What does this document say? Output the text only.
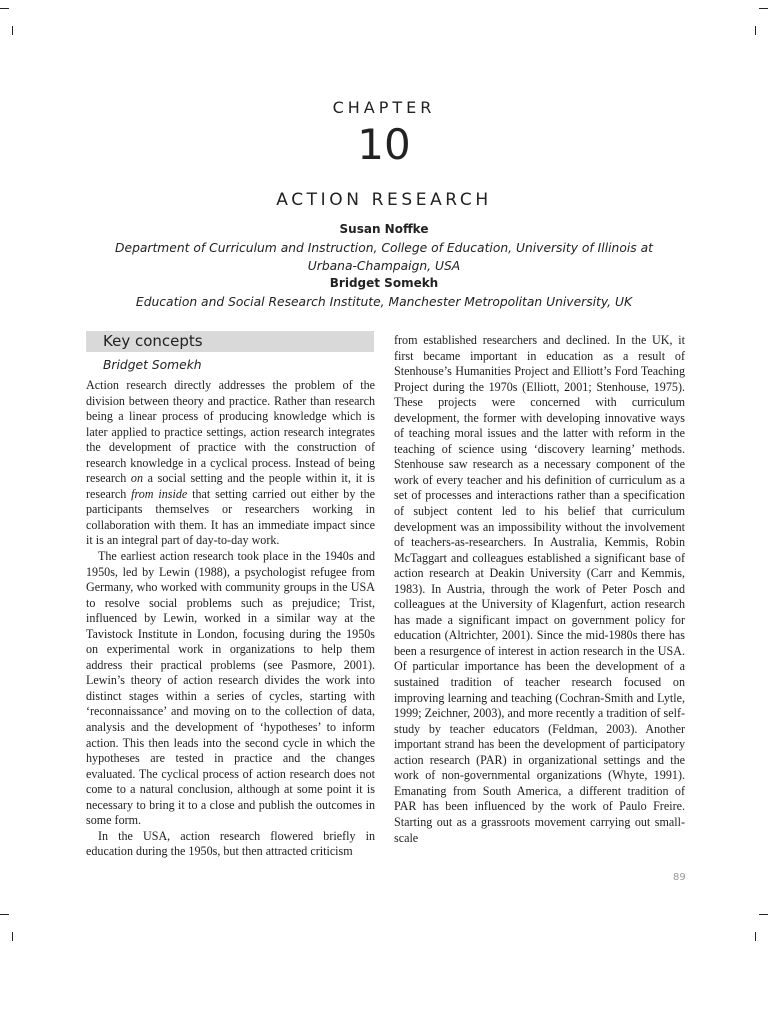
CHAPTER
10
ACTION RESEARCH
Susan Noffke
Department of Curriculum and Instruction, College of Education, University of Illinois at
Urbana-Champaign, USA
Bridget Somekh
Education and Social Research Institute, Manchester Metropolitan University, UK
Key concepts
Bridget Somekh

Action research directly addresses the problem of the division between theory and practice. Rather than research being a linear process of producing knowledge which is later applied to practice settings, action research integrates the development of practice with the construction of research knowledge in a cyclical process. Instead of being research on a social setting and the people within it, it is research from inside that setting carried out either by the participants themselves or researchers working in collaboration with them. It has an immediate impact since it is an integral part of day-to-day work.

The earliest action research took place in the 1940s and 1950s, led by Lewin (1988), a psychologist refugee from Germany, who worked with community groups in the USA to resolve social problems such as prejudice; Trist, influenced by Lewin, worked in a similar way at the Tavistock Institute in London, focusing during the 1950s on experimental work in organizations to help them address their practical problems (see Pasmore, 2001). Lewin’s theory of action research divides the work into distinct stages within a series of cycles, starting with ‘reconnaissance’ and moving on to the collection of data, analysis and the development of ‘hypotheses’ to inform action. This then leads into the second cycle in which the hypotheses are tested in practice and the changes evaluated. The cyclical process of action research does not come to a natural conclusion, although at some point it is necessary to bring it to a close and publish the outcomes in some form.

In the USA, action research flowered briefly in education during the 1950s, but then attracted criticism

from established researchers and declined. In the UK, it first became important in education as a result of Stenhouse’s Humanities Project and Elliott’s Ford Teaching Project during the 1970s (Elliott, 2001; Stenhouse, 1975). These projects were concerned with curriculum development, the former with developing innovative ways of teaching moral issues and the latter with reform in the teaching of science using ‘discovery learning’ methods. Stenhouse saw research as a necessary component of the work of every teacher and his definition of curriculum as a set of processes and interactions rather than a specification of subject content led to his belief that curriculum development was an impossibility without the involvement of teachers-as-researchers. In Australia, Kemmis, Robin McTaggart and colleagues established a significant base of action research at Deakin University (Carr and Kemmis, 1983). In Austria, through the work of Peter Posch and colleagues at the University of Klagenfurt, action research has made a significant impact on government policy for education (Altrichter, 2001). Since the mid-1980s there has been a resurgence of interest in action research in the USA. Of particular importance has been the development of a sustained tradition of teacher research focused on improving learning and teaching (Cochran-Smith and Lytle, 1999; Zeichner, 2003), and more recently a tradition of self-study by teacher educators (Feldman, 2003). Another important strand has been the development of participatory action research (PAR) in organizational settings and the work of non-governmental organizations (Whyte, 1991). Emanating from South America, a different tradition of PAR has been influenced by the work of Paulo Freire. Starting out as a grassroots movement carrying out small-scale

89
